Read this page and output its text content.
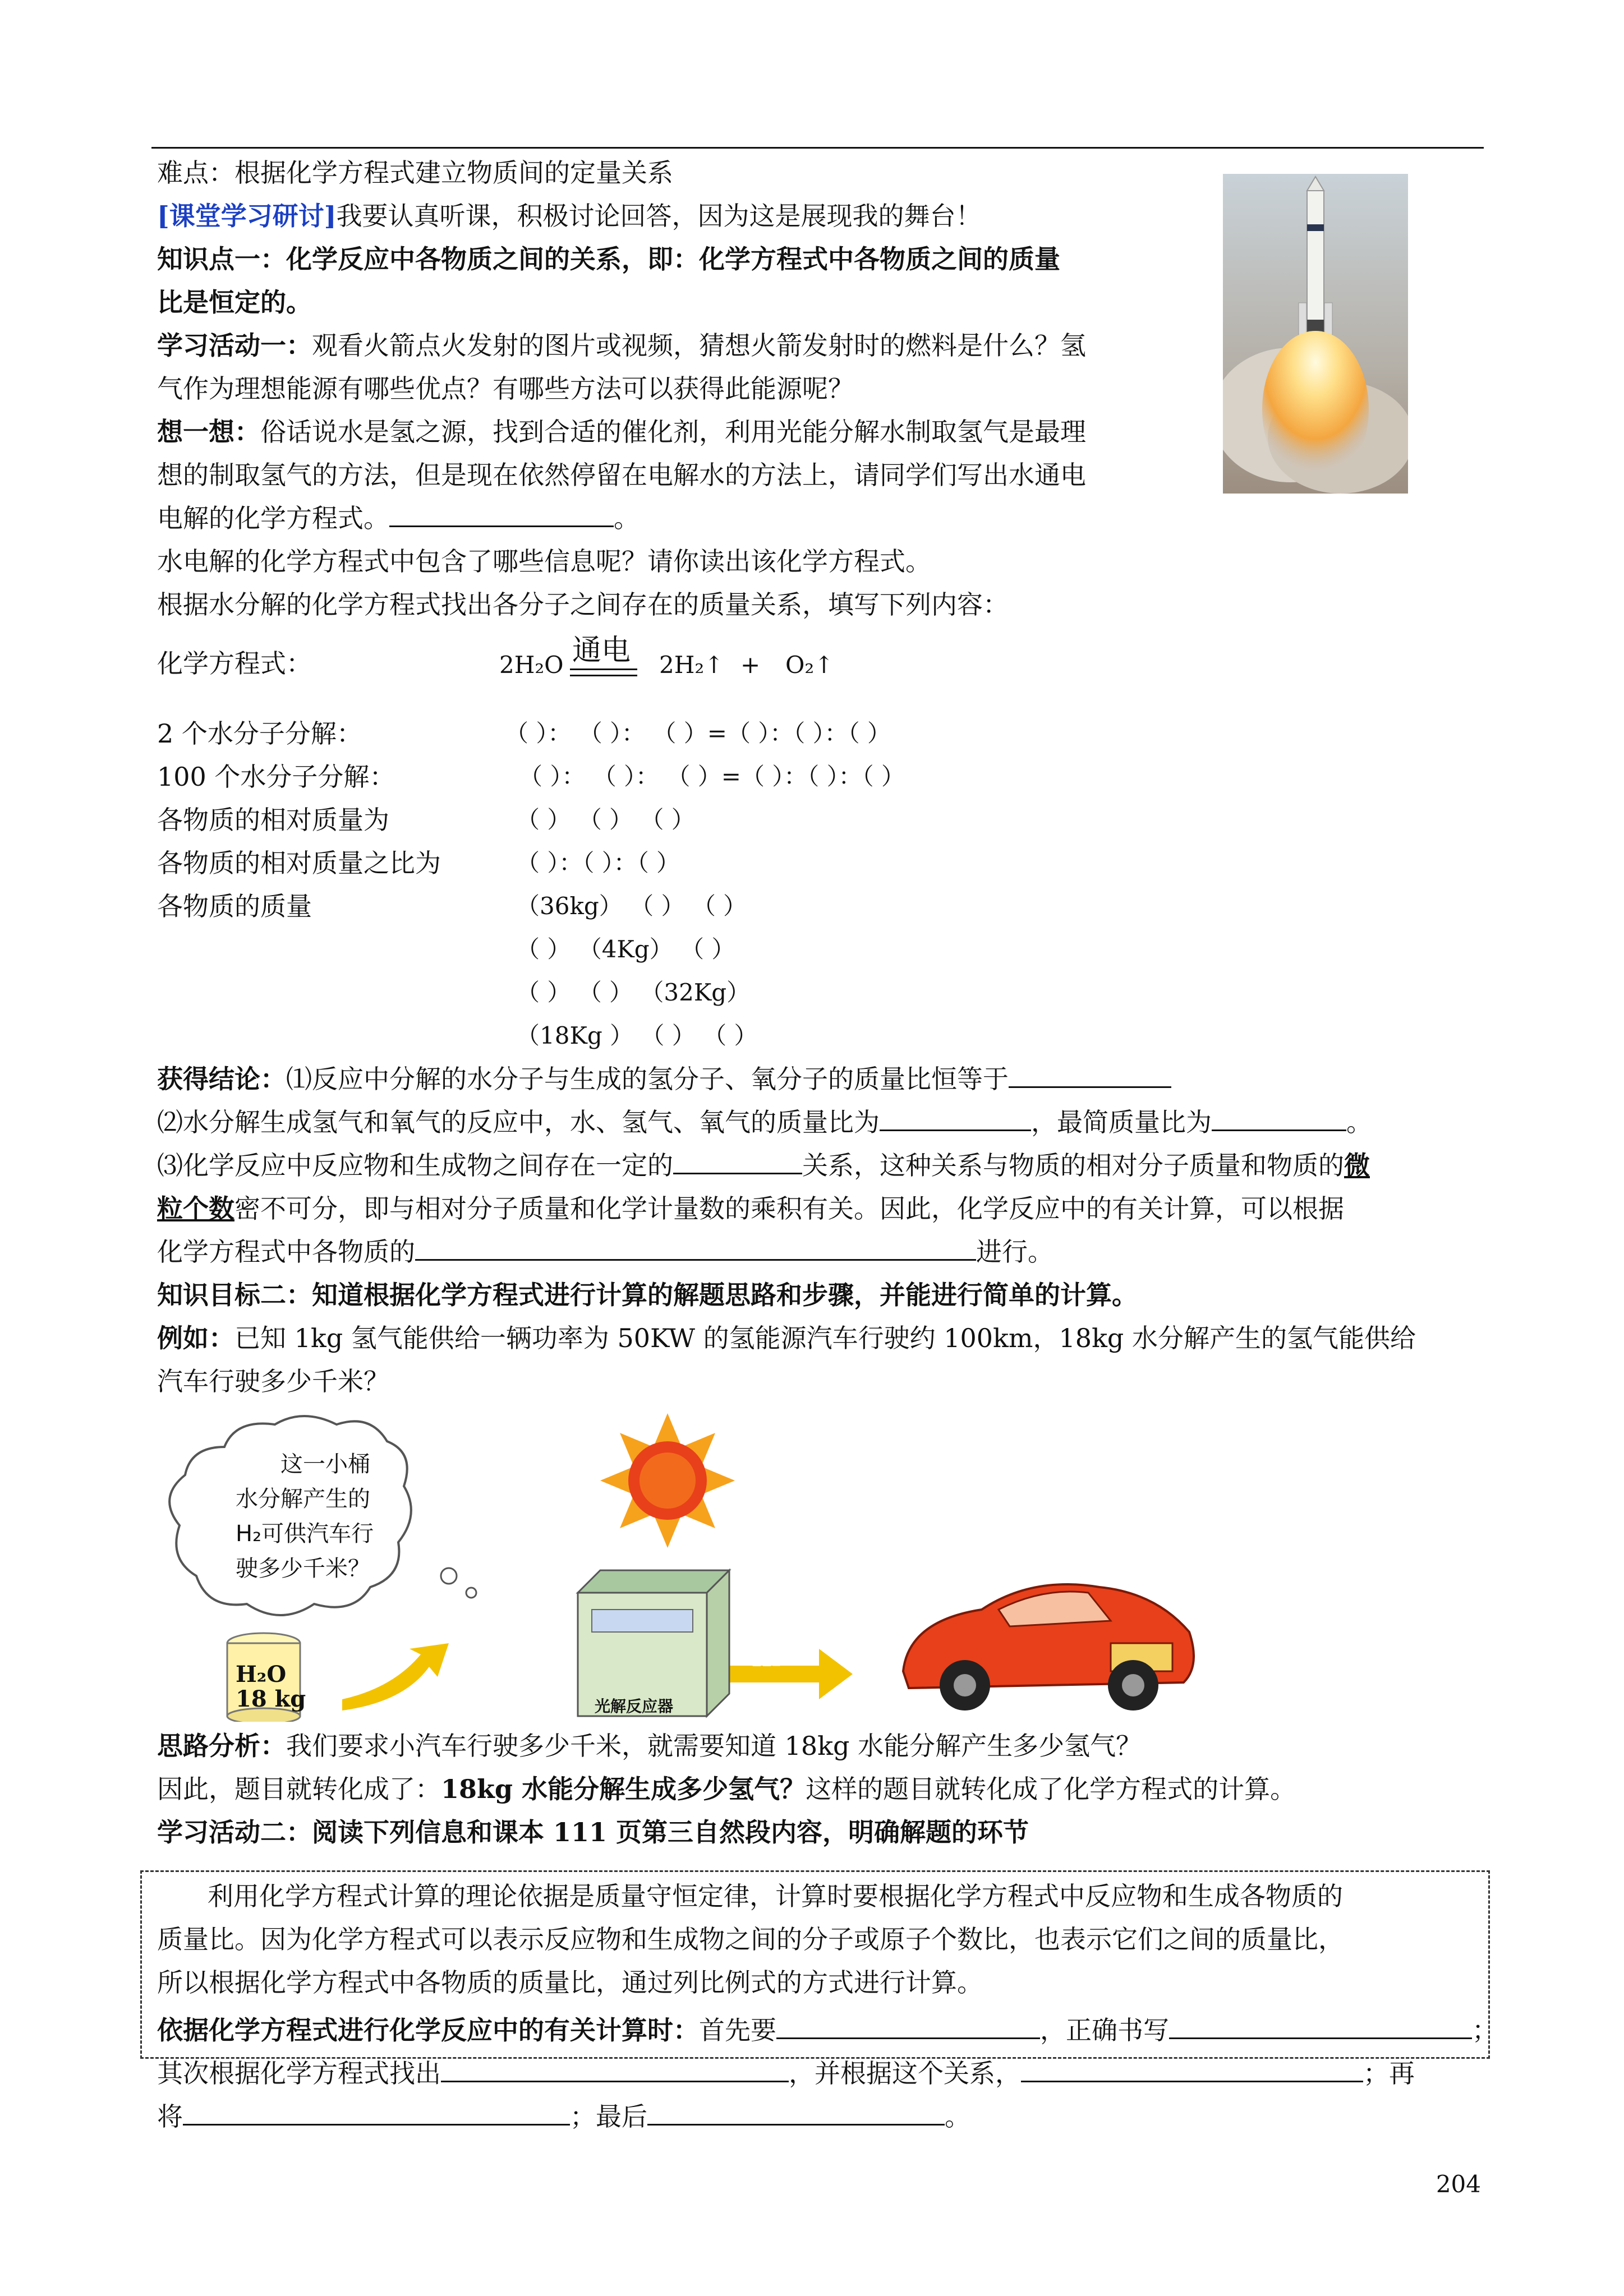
难点：根据化学方程式建立物质间的定量关系
[课堂学习研讨]我要认真听课，积极讨论回答，因为这是展现我的舞台！
知识点一：化学反应中各物质之间的关系，即：化学方程式中各物质之间的质量
比是恒定的。
学习活动一：观看火箭点火发射的图片或视频，猜想火箭发射时的燃料是什么？氢
气作为理想能源有哪些优点？有哪些方法可以获得此能源呢？
想一想：俗话说水是氢之源，找到合适的催化剂，利用光能分解水制取氢气是最理
想的制取氢气的方法，但是现在依然停留在电解水的方法上，请同学们写出水通电
电解的化学方程式。	。
水电解的化学方程式中包含了哪些信息呢？请你读出该化学方程式。
根据水分解的化学方程式找出各分子之间存在的质量关系，填写下列内容：
化学方程式：	2H₂O 通电 2H₂↑ + O₂↑
2 个水分子分解：	（ ）： （ ）： （ ）=（ ）：（ ）：（ ）
100 个水分子分解：	（ ）： （ ）： （ ）=（ ）：（ ）：（ ）
各物质的相对质量为	（ ） （ ） （ ）
各物质的相对质量之比为	（ ）：（ ）：（ ）
各物质的质量	（36kg） （ ） （ ）
（ ） （4Kg） （ ）
（ ） （ ） （32Kg）
（18Kg ） （ ） （ ）
获得结论：⑴反应中分解的水分子与生成的氢分子、氧分子的质量比恒等于
⑵水分解生成氢气和氧气的反应中，水、氢气、氧气的质量比为	，最简质量比为	。
⑶化学反应中反应物和生成物之间存在一定的	关系，这种关系与物质的相对分子质量和物质的微
粒个数密不可分，即与相对分子质量和化学计量数的乘积有关。因此，化学反应中的有关计算，可以根据
化学方程式中各物质的	进行。
知识目标二：知道根据化学方程式进行计算的解题思路和步骤，并能进行简单的计算。
例如：已知 1kg 氢气能供给一辆功率为 50KW 的氢能源汽车行驶约 100km，18kg 水分解产生的氢气能供给
汽车行驶多少千米？
这一小桶
水分解产生的
H₂可供汽车行
驶多少千米？
H₂O
18 kg	光解反应器
H₂
思路分析：我们要求小汽车行驶多少千米，就需要知道 18kg 水能分解产生多少氢气？
因此，题目就转化成了：18kg 水能分解生成多少氢气？这样的题目就转化成了化学方程式的计算。
学习活动二：阅读下列信息和课本 111 页第三自然段内容，明确解题的环节
利用化学方程式计算的理论依据是质量守恒定律，计算时要根据化学方程式中反应物和生成各物质的
质量比。因为化学方程式可以表示反应物和生成物之间的分子或原子个数比，也表示它们之间的质量比，
所以根据化学方程式中各物质的质量比，通过列比例式的方式进行计算。
依据化学方程式进行化学反应中的有关计算时：首先要	，正确书写	；
其次根据化学方程式找出	，并根据这个关系，	；再
将	；最后	。
204
